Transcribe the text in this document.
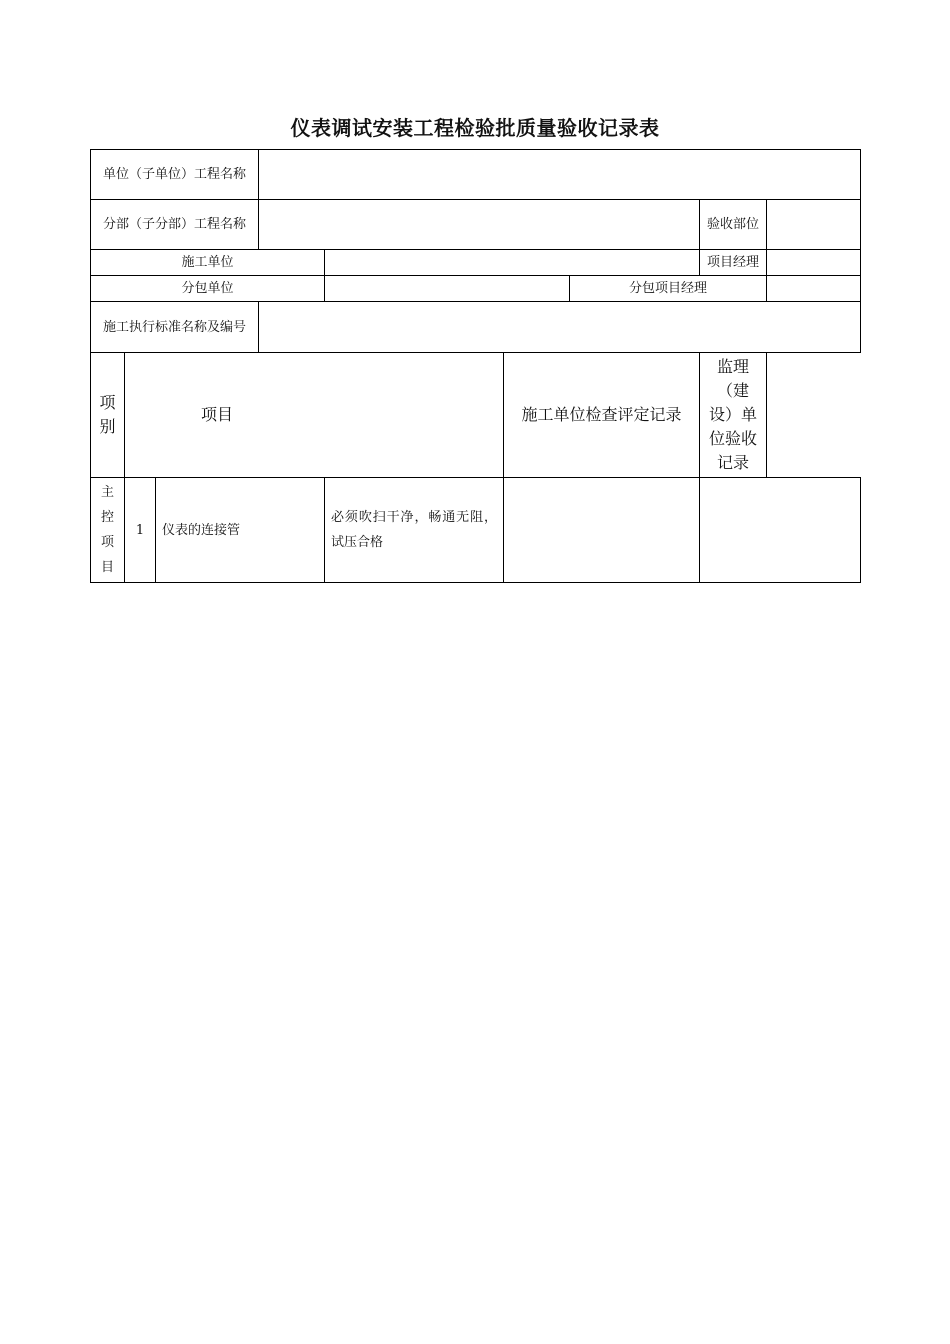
仪表调试安装工程检验批质量验收记录表
单位（子单位）工程名称								
分部（子分部）工程名称							验收部位	
施工单位							项目经理	
分包单位						分包项目经理		
施工执行标准名称及编号								
项别	项目				施工单位检查评定记录		监理（建设）单位验收记录	
主控项目	1	仪表的连接管		必须吹扫干净，畅通无阻，试压合格				
